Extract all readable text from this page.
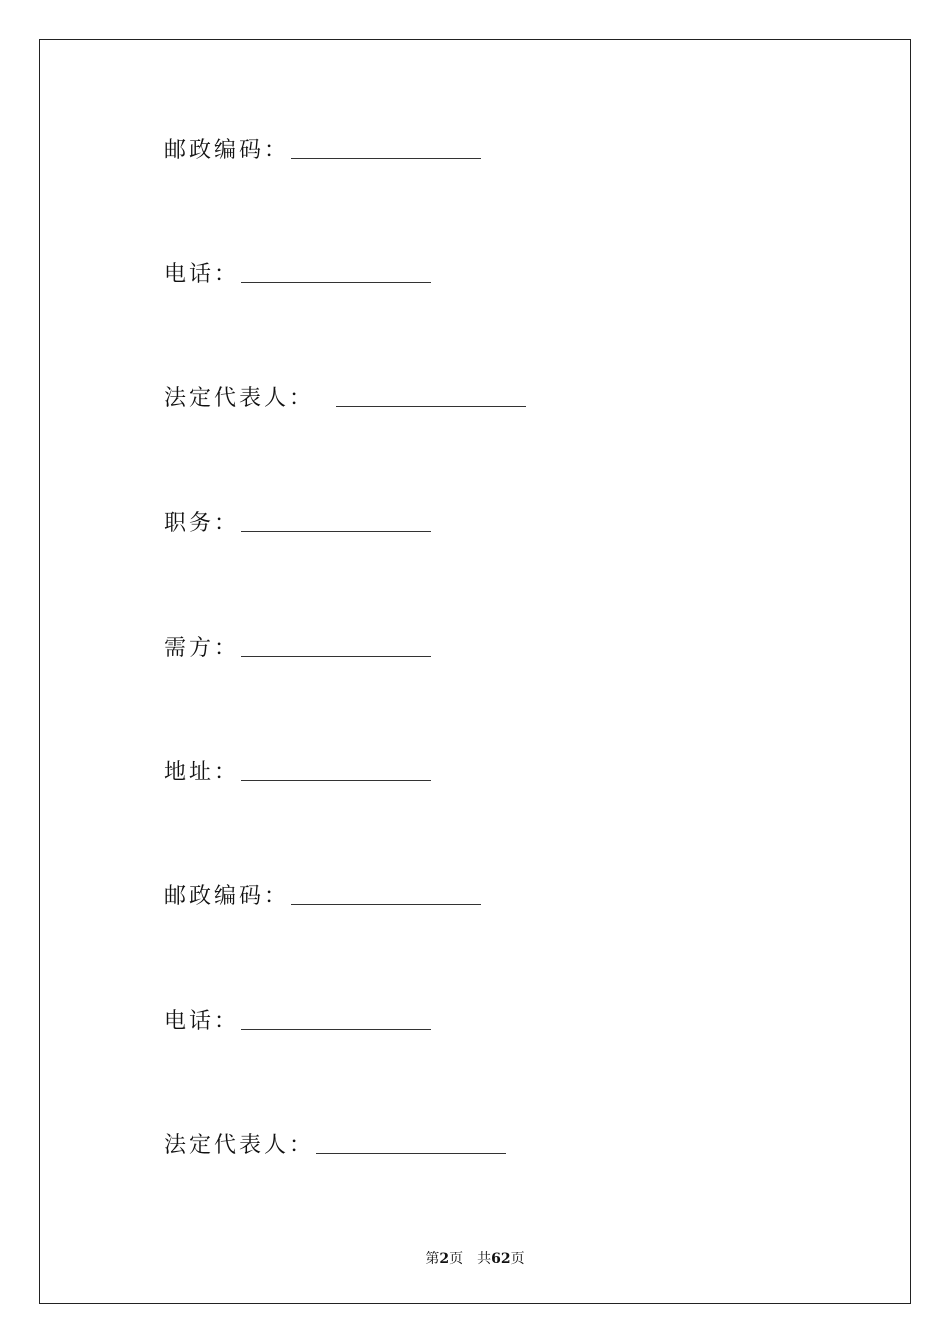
邮政编码：
电话：
法定代表人：
职务：
需方：
地址：
邮政编码：
电话：
法定代表人：
第2页 共62页
